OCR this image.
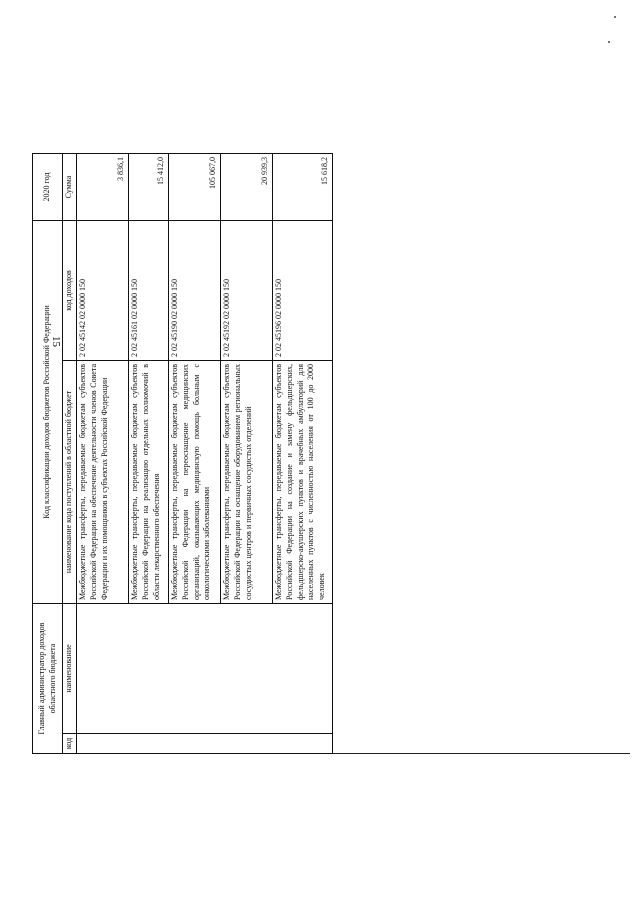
15
Главный администратор доходов областного бюджета		Код классификации доходов бюджетов Российской Федерации		2020 год
код	наименование	наименование кода поступлений в областной бюджет	код доходов	Сумма
		Межбюджетные трансферты, передаваемые бюджетам субъектов Российской Федерации на обеспечение деятельности членов Совета Федерации и их помощников в субъектах Российской Федерации	2 02 45142 02 0000 150	3 836,1
		Межбюджетные трансферты, передаваемые бюджетам субъектов Российской Федерации на реализацию отдельных полномочий в области лекарственного обеспечения	2 02 45161 02 0000 150	15 412,0
		Межбюджетные трансферты, передаваемые бюджетам субъектов Российской Федерации на переоснащение медицинских организаций, оказывающих медицинскую помощь больным с онкологическими заболеваниями	2 02 45190 02 0000 150	105 067,0
		Межбюджетные трансферты, передаваемые бюджетам субъектов Российской Федерации на оснащение оборудованием региональных сосудистых центров и первичных сосудистых отделений	2 02 45192 02 0000 150	20 939,3
		Межбюджетные трансферты, передаваемые бюджетам субъектов Российской Федерации на создание и замену фельдшерских, фельдшерско-акушерских пунктов и врачебных амбулаторий для населенных пунктов с численностью населения от 100 до 2000 человек	2 02 45196 02 0000 150	15 618,2
